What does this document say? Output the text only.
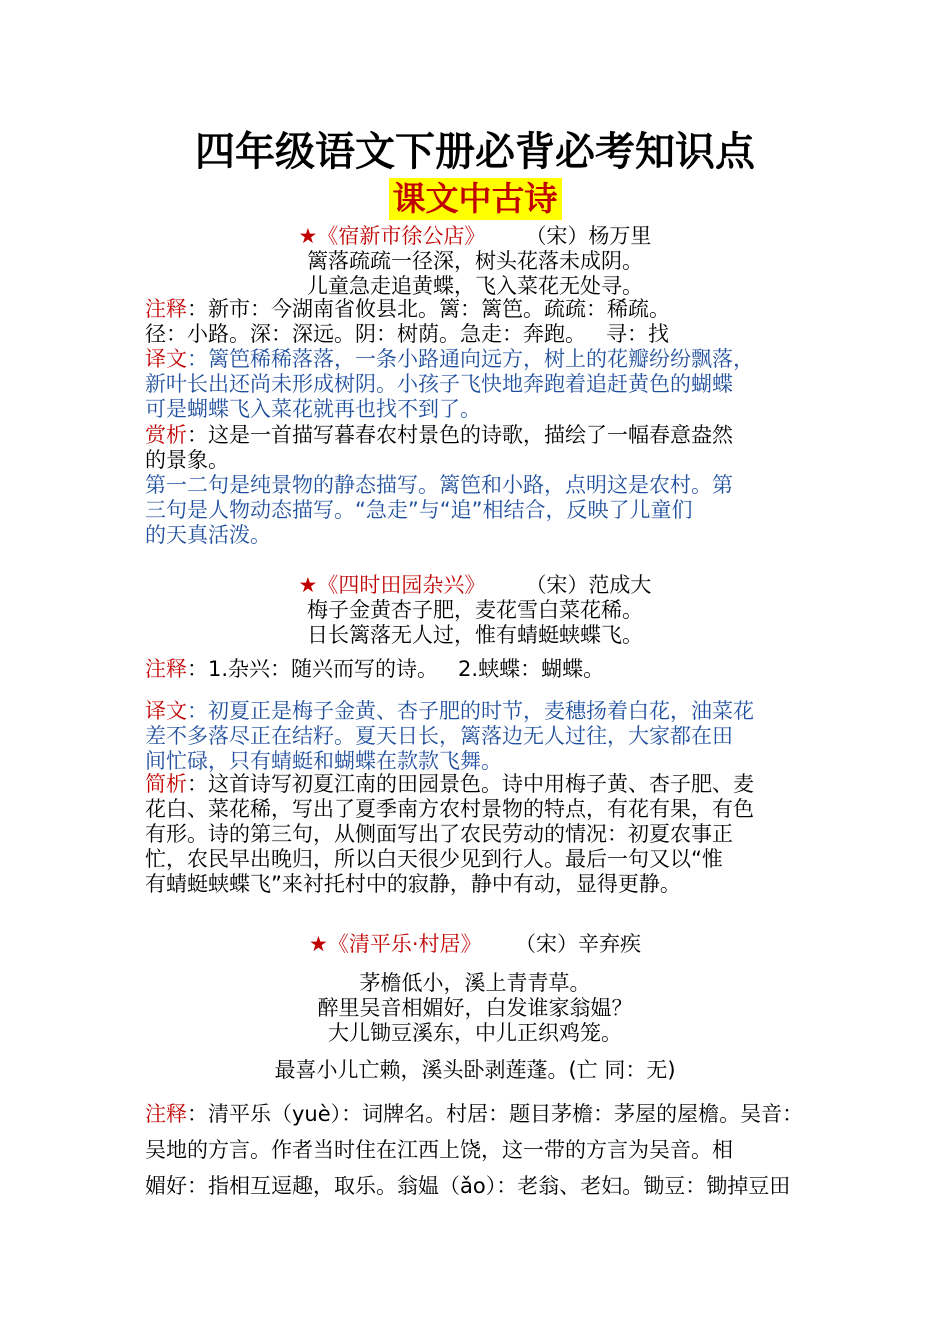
四年级语文下册必背必考知识点
课文中古诗
★《宿新市徐公店》 （宋）杨万里
篱落疏疏一径深，树头花落未成阴。
儿童急走追黄蝶，飞入菜花无处寻。
注释：新市：今湖南省攸县北。篱：篱笆。疏疏：稀疏。
径：小路。深：深远。阴：树荫。急走：奔跑。   寻：找
译文：篱笆稀稀落落，一条小路通向远方，树上的花瓣纷纷飘落，
新叶长出还尚未形成树阴。小孩子飞快地奔跑着追赶黄色的蝴蝶
可是蝴蝶飞入菜花就再也找不到了。
赏析：这是一首描写暮春农村景色的诗歌，描绘了一幅春意盎然
的景象。
第一二句是纯景物的静态描写。篱笆和小路，点明这是农村。第
三句是人物动态描写。“急走”与“追”相结合，反映了儿童们
的天真活泼。
★《四时田园杂兴》 （宋）范成大
梅子金黄杏子肥，麦花雪白菜花稀。
日长篱落无人过，惟有蜻蜓蛱蝶飞。
注释：1.杂兴：随兴而写的诗。   2.蛱蝶：蝴蝶。
译文：初夏正是梅子金黄、杏子肥的时节，麦穗扬着白花，油菜花
差不多落尽正在结籽。夏天日长，篱落边无人过往，大家都在田
间忙碌，只有蜻蜓和蝴蝶在款款飞舞。
简析：这首诗写初夏江南的田园景色。诗中用梅子黄、杏子肥、麦
花白、菜花稀，写出了夏季南方农村景物的特点，有花有果，有色
有形。诗的第三句，从侧面写出了农民劳动的情况：初夏农事正
忙，农民早出晚归，所以白天很少见到行人。最后一句又以“惟
有蜻蜓蛱蝶飞”来衬托村中的寂静，静中有动，显得更静。
★《清平乐·村居》 （宋）辛弃疾
茅檐低小，溪上青青草。
醉里吴音相媚好，白发谁家翁媪？
大儿锄豆溪东，中儿正织鸡笼。
最喜小儿亡赖，溪头卧剥莲蓬。(亡 同：无)
注释：清平乐（yuè）：词牌名。村居：题目茅檐：茅屋的屋檐。吴音：
吴地的方言。作者当时住在江西上饶，这一带的方言为吴音。相
媚好：指相互逗趣，取乐。翁媪（ǎo）：老翁、老妇。锄豆：锄掉豆田
